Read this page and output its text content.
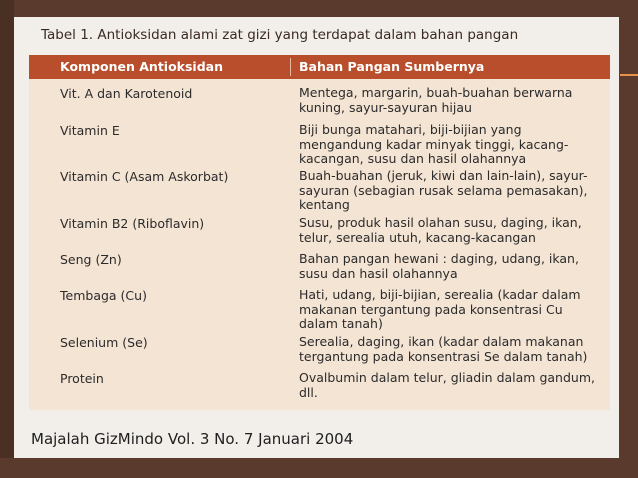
Tabel 1. Antioksidan alami zat gizi yang terdapat dalam bahan pangan
Komponen Antioksidan	Bahan Pangan Sumbernya
Vit. A dan Karotenoid	Mentega, margarin, buah-buahan berwarna kuning, sayur-sayuran hijau
Vitamin E	Biji bunga matahari, biji-bijian yang mengandung kadar minyak tinggi, kacang-kacangan, susu dan hasil olahannya
Vitamin C (Asam Askorbat)	Buah-buahan (jeruk, kiwi dan lain-lain), sayur-sayuran (sebagian rusak selama pemasakan), kentang
Vitamin B2 (Riboflavin)	Susu, produk hasil olahan susu, daging, ikan, telur, serealia utuh, kacang-kacangan
Seng (Zn)	Bahan pangan hewani : daging, udang, ikan, susu dan hasil olahannya
Tembaga (Cu)	Hati, udang, biji-bijian, serealia (kadar dalam makanan tergantung pada konsentrasi Cu dalam tanah)
Selenium (Se)	Serealia, daging, ikan (kadar dalam makanan tergantung pada konsentrasi Se dalam tanah)
Protein	Ovalbumin dalam telur, gliadin dalam gandum, dll.
Majalah GizMindo Vol. 3 No. 7 Januari 2004
